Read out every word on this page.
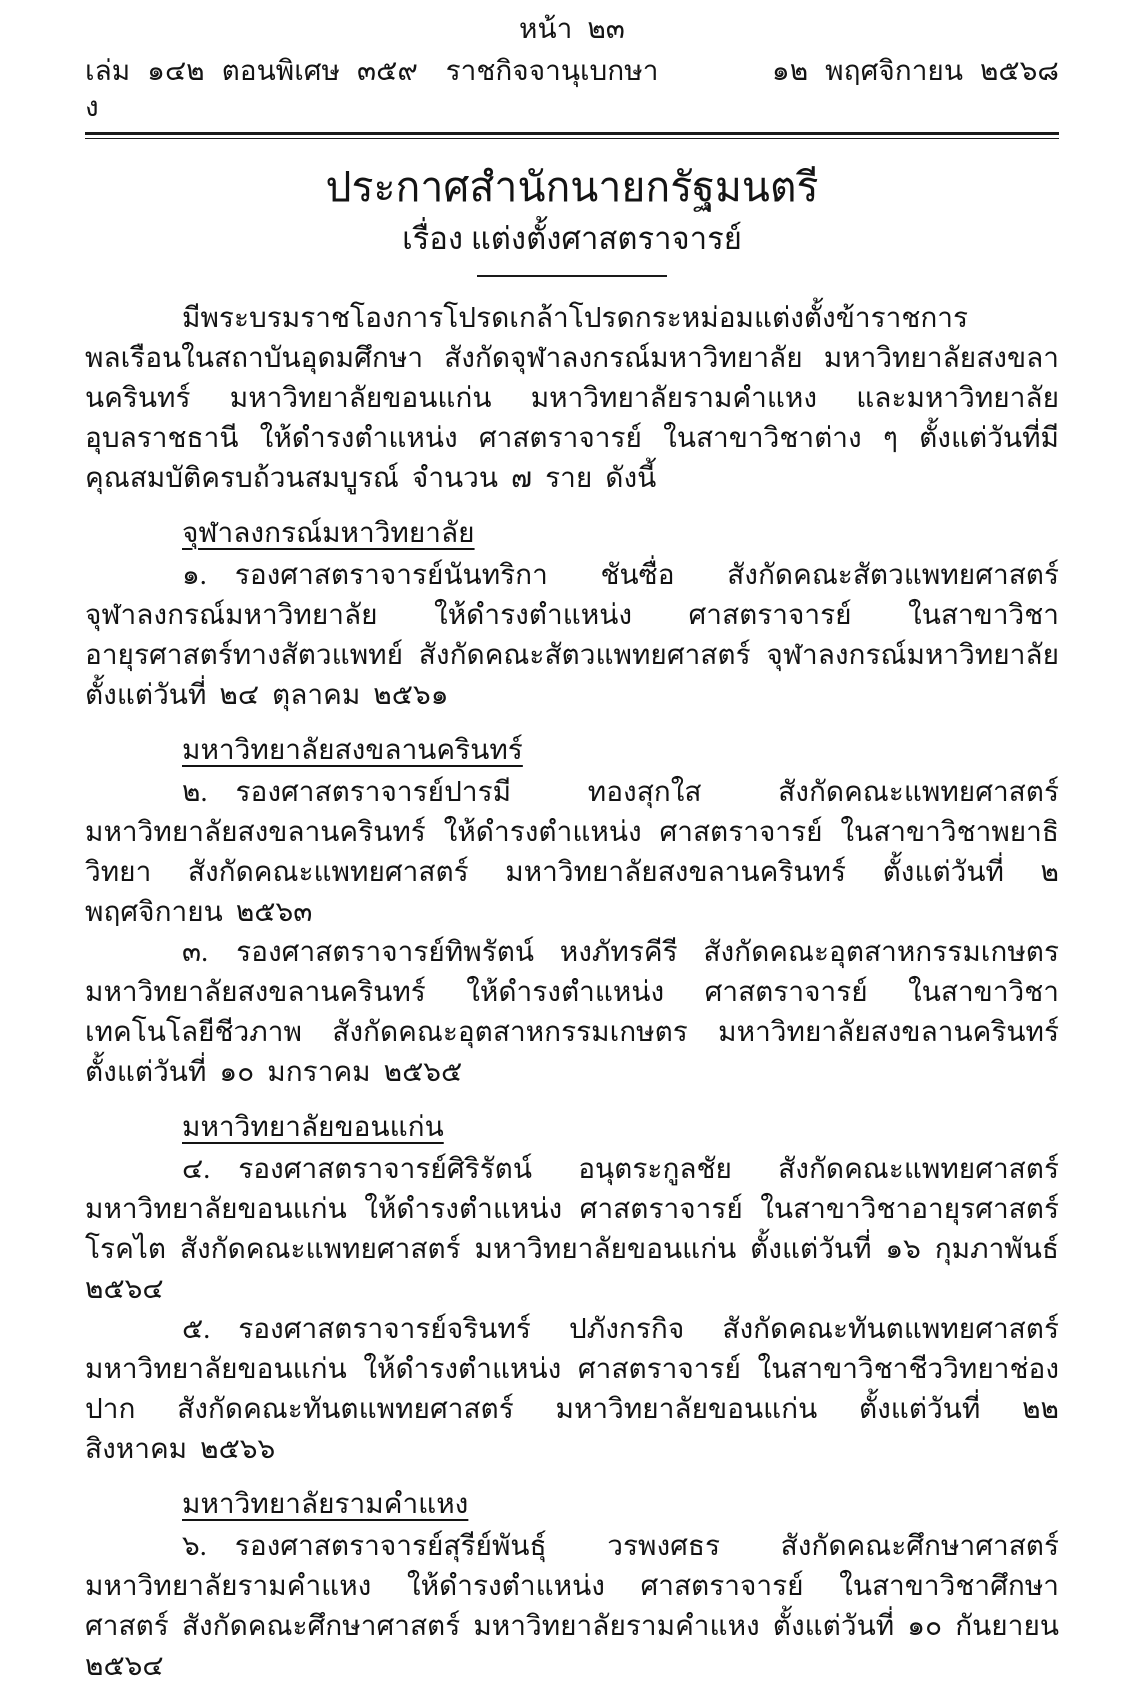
หน้า ๒๓
เล่ม ๑๔๒ ตอนพิเศษ ๓๕๙ ง
ราชกิจจานุเบกษา	๑๒ พฤศจิกายน ๒๕๖๘
ประกาศสำนักนายกรัฐมนตรี
เรื่อง แต่งตั้งศาสตราจารย์

มีพระบรมราชโองการโปรดเกล้าโปรดกระหม่อมแต่งตั้งข้าราชการพลเรือนในสถาบันอุดมศึกษา สังกัดจุฬาลงกรณ์มหาวิทยาลัย มหาวิทยาลัยสงขลานครินทร์ มหาวิทยาลัยขอนแก่น มหาวิทยาลัยรามคำแหง และมหาวิทยาลัยอุบลราชธานี ให้ดำรงตำแหน่ง ศาสตราจารย์ ในสาขาวิชาต่าง ๆ ตั้งแต่วันที่มีคุณสมบัติครบถ้วนสมบูรณ์ จำนวน ๗ ราย ดังนี้

จุฬาลงกรณ์มหาวิทยาลัย

๑. รองศาสตราจารย์นันทริกา ชันซื่อ สังกัดคณะสัตวแพทยศาสตร์ จุฬาลงกรณ์มหาวิทยาลัย ให้ดำรงตำแหน่ง ศาสตราจารย์ ในสาขาวิชาอายุรศาสตร์ทางสัตวแพทย์ สังกัดคณะสัตวแพทยศาสตร์ จุฬาลงกรณ์มหาวิทยาลัย ตั้งแต่วันที่ ๒๔ ตุลาคม ๒๕๖๑

มหาวิทยาลัยสงขลานครินทร์

๒. รองศาสตราจารย์ปารมี ทองสุกใส สังกัดคณะแพทยศาสตร์ มหาวิทยาลัยสงขลานครินทร์ ให้ดำรงตำแหน่ง ศาสตราจารย์ ในสาขาวิชาพยาธิวิทยา สังกัดคณะแพทยศาสตร์ มหาวิทยาลัยสงขลานครินทร์ ตั้งแต่วันที่ ๒ พฤศจิกายน ๒๕๖๓

๓. รองศาสตราจารย์ทิพรัตน์ หงภัทรคีรี สังกัดคณะอุตสาหกรรมเกษตร มหาวิทยาลัยสงขลานครินทร์ ให้ดำรงตำแหน่ง ศาสตราจารย์ ในสาขาวิชาเทคโนโลยีชีวภาพ สังกัดคณะอุตสาหกรรมเกษตร มหาวิทยาลัยสงขลานครินทร์ ตั้งแต่วันที่ ๑๐ มกราคม ๒๕๖๕

มหาวิทยาลัยขอนแก่น

๔. รองศาสตราจารย์ศิริรัตน์ อนุตระกูลชัย สังกัดคณะแพทยศาสตร์ มหาวิทยาลัยขอนแก่น ให้ดำรงตำแหน่ง ศาสตราจารย์ ในสาขาวิชาอายุรศาสตร์โรคไต สังกัดคณะแพทยศาสตร์ มหาวิทยาลัยขอนแก่น ตั้งแต่วันที่ ๑๖ กุมภาพันธ์ ๒๕๖๔

๕. รองศาสตราจารย์จรินทร์ ปภังกรกิจ สังกัดคณะทันตแพทยศาสตร์ มหาวิทยาลัยขอนแก่น ให้ดำรงตำแหน่ง ศาสตราจารย์ ในสาขาวิชาชีววิทยาช่องปาก สังกัดคณะทันตแพทยศาสตร์ มหาวิทยาลัยขอนแก่น ตั้งแต่วันที่ ๒๒ สิงหาคม ๒๕๖๖

มหาวิทยาลัยรามคำแหง

๖. รองศาสตราจารย์สุรีย์พันธุ์ วรพงศธร สังกัดคณะศึกษาศาสตร์ มหาวิทยาลัยรามคำแหง ให้ดำรงตำแหน่ง ศาสตราจารย์ ในสาขาวิชาศึกษาศาสตร์ สังกัดคณะศึกษาศาสตร์ มหาวิทยาลัยรามคำแหง ตั้งแต่วันที่ ๑๐ กันยายน ๒๕๖๔
